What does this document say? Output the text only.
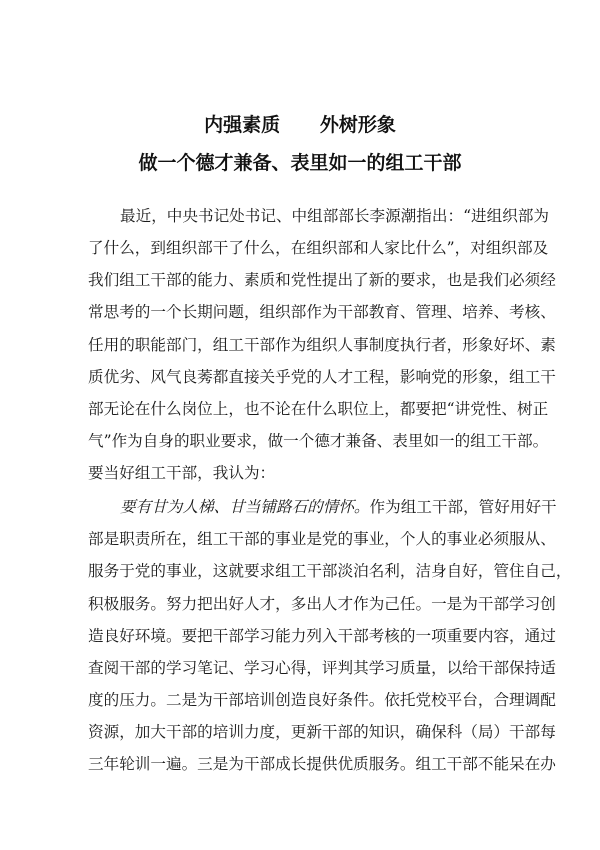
内强素质      外树形象
做一个德才兼备、表里如一的组工干部
最近，中央书记处书记、中组部部长李源潮指出：“进组织部为
了什么，到组织部干了什么，在组织部和人家比什么”，对组织部及
我们组工干部的能力、素质和党性提出了新的要求，也是我们必须经
常思考的一个长期问题，组织部作为干部教育、管理、培养、考核、
任用的职能部门，组工干部作为组织人事制度执行者，形象好坏、素
质优劣、风气良莠都直接关乎党的人才工程，影响党的形象，组工干
部无论在什么岗位上，也不论在什么职位上，都要把“讲党性、树正
气”作为自身的职业要求，做一个德才兼备、表里如一的组工干部。
要当好组工干部，我认为：
要有甘为人梯、甘当铺路石的情怀。作为组工干部，管好用好干
部是职责所在，组工干部的事业是党的事业，个人的事业必须服从、
服务于党的事业，这就要求组工干部淡泊名利，洁身自好，管住自己，
积极服务。努力把出好人才，多出人才作为己任。一是为干部学习创
造良好环境。要把干部学习能力列入干部考核的一项重要内容，通过
查阅干部的学习笔记、学习心得，评判其学习质量，以给干部保持适
度的压力。二是为干部培训创造良好条件。依托党校平台，合理调配
资源，加大干部的培训力度，更新干部的知识，确保科（局）干部每
三年轮训一遍。三是为干部成长提供优质服务。组工干部不能呆在办
